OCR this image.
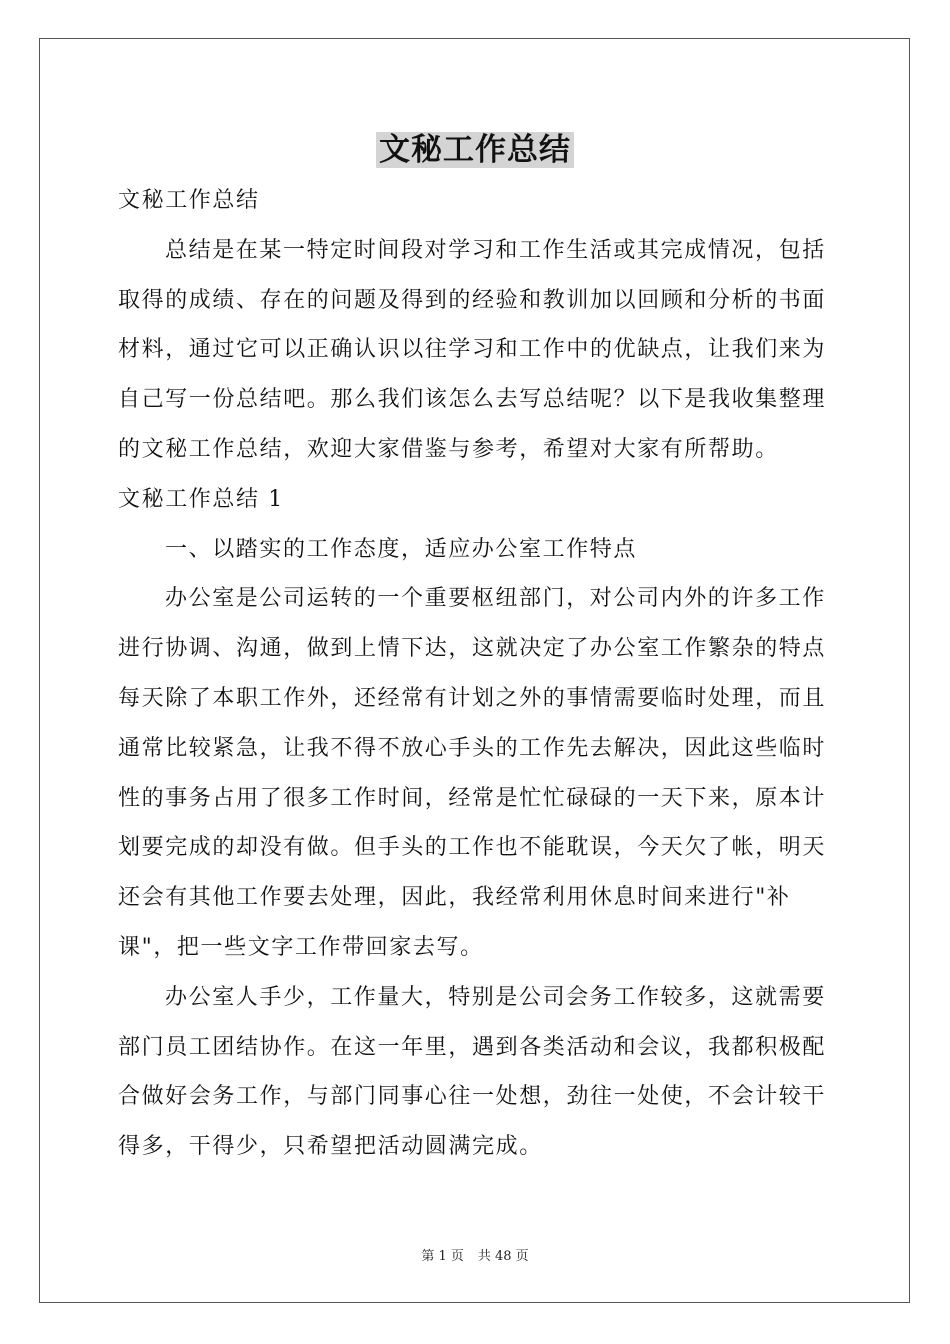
文秘工作总结

文秘工作总结

总结是在某一特定时间段对学习和工作生活或其完成情况，包括取得的成绩、存在的问题及得到的经验和教训加以回顾和分析的书面材料，通过它可以正确认识以往学习和工作中的优缺点，让我们来为自己写一份总结吧。那么我们该怎么去写总结呢？以下是我收集整理的文秘工作总结，欢迎大家借鉴与参考，希望对大家有所帮助。

文秘工作总结 1

一、以踏实的工作态度，适应办公室工作特点

办公室是公司运转的一个重要枢纽部门，对公司内外的许多工作进行协调、沟通，做到上情下达，这就决定了办公室工作繁杂的特点每天除了本职工作外，还经常有计划之外的事情需要临时处理，而且通常比较紧急，让我不得不放心手头的工作先去解决，因此这些临时性的事务占用了很多工作时间，经常是忙忙碌碌的一天下来，原本计划要完成的却没有做。但手头的工作也不能耽误，今天欠了帐，明天还会有其他工作要去处理，因此，我经常利用休息时间来进行"补课"，把一些文字工作带回家去写。

办公室人手少，工作量大，特别是公司会务工作较多，这就需要部门员工团结协作。在这一年里，遇到各类活动和会议，我都积极配合做好会务工作，与部门同事心往一处想，劲往一处使，不会计较干得多，干得少，只希望把活动圆满完成。

第 1 页 共 48 页
